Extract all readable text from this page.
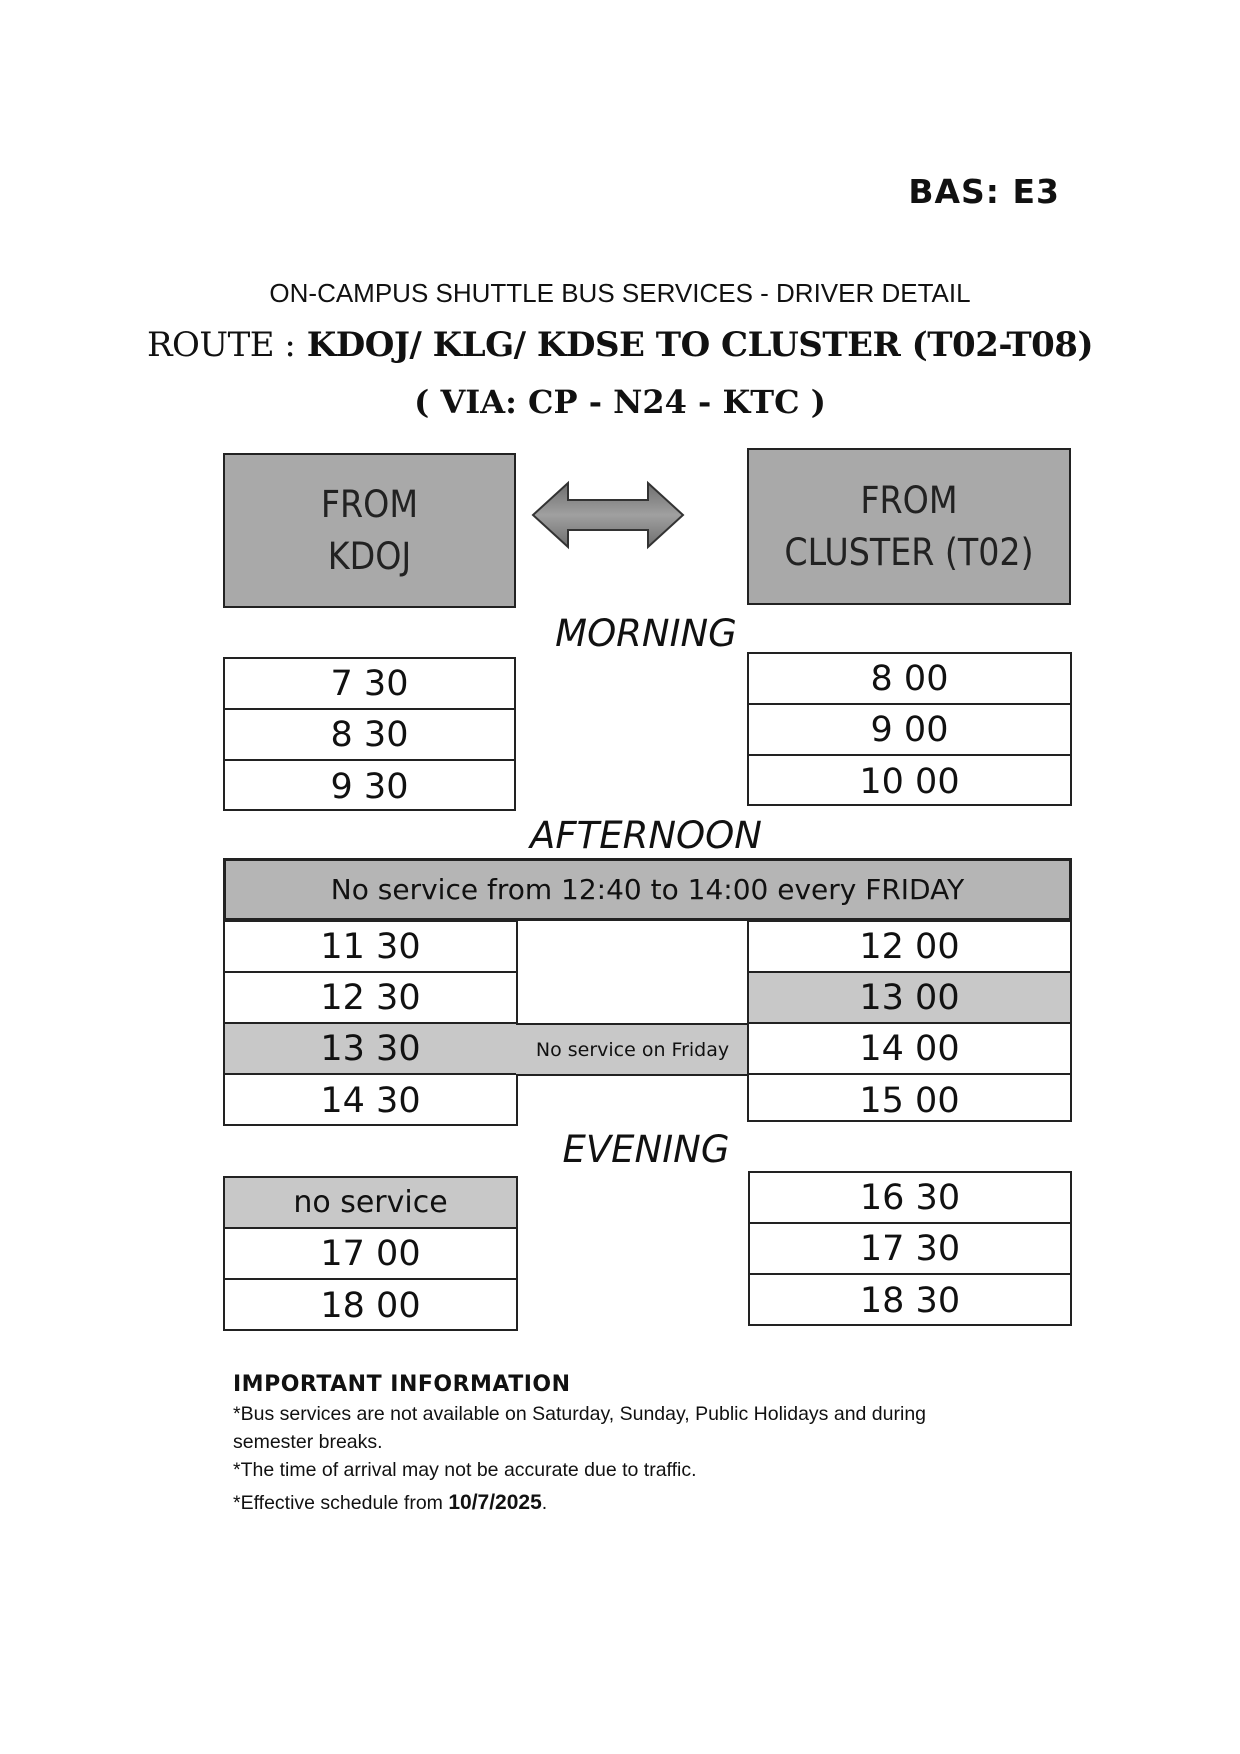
BAS: E3
ON-CAMPUS SHUTTLE BUS SERVICES - DRIVER DETAIL
ROUTE : KDOJ/ KLG/ KDSE TO CLUSTER (T02-T08)
( VIA: CP - N24 - KTC )
FROM
KDOJ
FROM
CLUSTER (T02)
MORNING
7 30
8 30
9 30
8 00
9 00
10 00
AFTERNOON
No service from 12:40 to 14:00 every FRIDAY
11 30
12 30
13 30
14 30
No service on Friday
12 00
13 00
14 00
15 00
EVENING
no service
17 00
18 00
16 30
17 30
18 30
IMPORTANT INFORMATION
*Bus services are not available on Saturday, Sunday, Public Holidays and during
semester breaks.
*The time of arrival may not be accurate due to traffic.
*Effective schedule from 10/7/2025.
